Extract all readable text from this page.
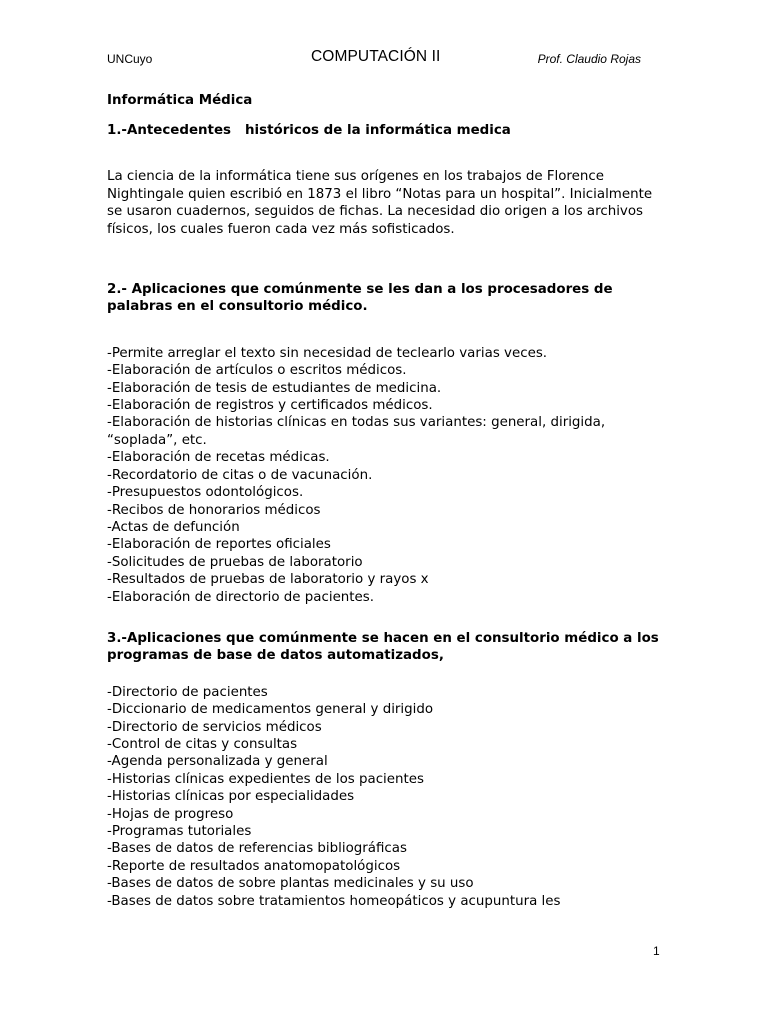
UNCuyo	COMPUTACIÓN II	Prof. Claudio Rojas

Informática Médica

1.-Antecedentes   históricos de la informática medica

La ciencia de la informática tiene sus orígenes en los trabajos de Florence Nightingale quien escribió en 1873 el libro “Notas para un hospital”. Inicialmente se usaron cuadernos, seguidos de fichas. La necesidad dio origen a los archivos físicos, los cuales fueron cada vez más sofisticados.

2.- Aplicaciones que comúnmente se les dan a los procesadores de palabras en el consultorio médico.

-Permite arreglar el texto sin necesidad de teclearlo varias veces.
-Elaboración de artículos o escritos médicos.
-Elaboración de tesis de estudiantes de medicina.
-Elaboración de registros y certificados médicos.
-Elaboración de historias clínicas en todas sus variantes: general, dirigida, “soplada”, etc.
-Elaboración de recetas médicas.
-Recordatorio de citas o de vacunación.
-Presupuestos odontológicos.
-Recibos de honorarios médicos
-Actas de defunción
-Elaboración de reportes oficiales
-Solicitudes de pruebas de laboratorio
-Resultados de pruebas de laboratorio y rayos x
-Elaboración de directorio de pacientes.

3.-Aplicaciones que comúnmente se hacen en el consultorio médico a los programas de base de datos automatizados,

-Directorio de pacientes
-Diccionario de medicamentos general y dirigido
-Directorio de servicios médicos
-Control de citas y consultas
-Agenda personalizada y general
-Historias clínicas expedientes de los pacientes
-Historias clínicas por especialidades
-Hojas de progreso
-Programas tutoriales
-Bases de datos de referencias bibliográficas
-Reporte de resultados anatomopatológicos
-Bases de datos de sobre plantas medicinales y su uso
-Bases de datos sobre tratamientos homeopáticos y acupuntura les
1
